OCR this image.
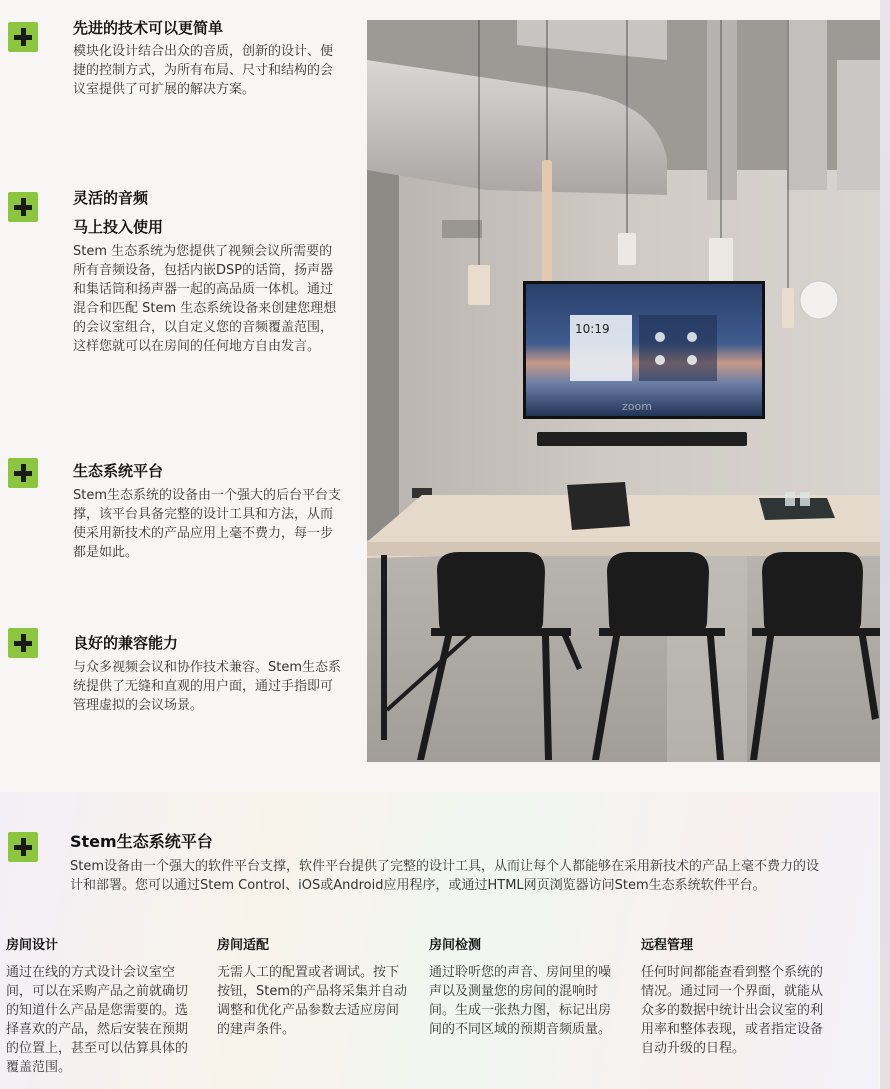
先进的技术可以更简单
模块化设计结合出众的音质，创新的设计、便捷的控制方式，为所有布局、尺寸和结构的会议室提供了可扩展的解决方案。
灵活的音频
马上投入使用
Stem 生态系统为您提供了视频会议所需要的所有音频设备，包括内嵌DSP的话筒，扬声器和集话筒和扬声器一起的高品质一体机。通过混合和匹配 Stem 生态系统设备来创建您理想的会议室组合，以自定义您的音频覆盖范围，这样您就可以在房间的任何地方自由发言。
生态系统平台
Stem生态系统的设备由一个强大的后台平台支撑，该平台具备完整的设计工具和方法，从而使采用新技术的产品应用上毫不费力，每一步都是如此。
良好的兼容能力
与众多视频会议和协作技术兼容。Stem生态系统提供了无缝和直观的用户面，通过手指即可管理虚拟的会议场景。
10:19
zoom
Stem生态系统平台
Stem设备由一个强大的软件平台支撑，软件平台提供了完整的设计工具，从而让每个人都能够在采用新技术的产品上毫不费力的设计和部署。您可以通过Stem Control、iOS或Android应用程序，或通过HTML网页浏览器访问Stem生态系统软件平台。
房间设计
通过在线的方式设计会议室空间，可以在采购产品之前就确切的知道什么产品是您需要的。选择喜欢的产品，然后安装在预期的位置上，甚至可以估算具体的覆盖范围。
房间适配
无需人工的配置或者调试。按下按钮，Stem的产品将采集并自动调整和优化产品参数去适应房间的建声条件。
房间检测
通过聆听您的声音、房间里的噪声以及测量您的房间的混响时间。生成一张热力图，标记出房间的不同区域的预期音频质量。
远程管理
任何时间都能查看到整个系统的情况。通过同一个界面，就能从众多的数据中统计出会议室的利用率和整体表现，或者指定设备自动升级的日程。
